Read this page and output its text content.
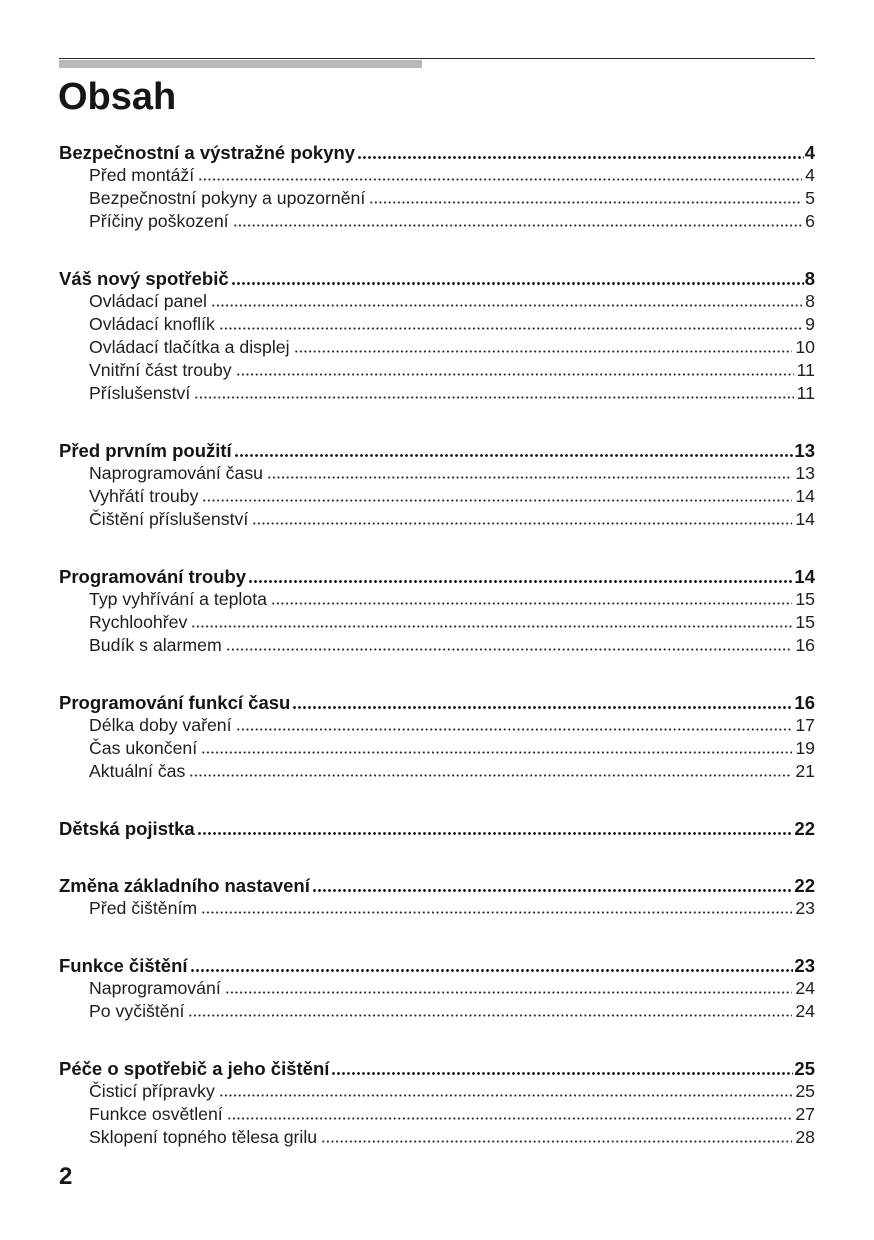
Obsah
Bezpečnostní a výstražné pokyny	4
Před montáží	4
Bezpečnostní pokyny a upozornění	5
Příčiny poškození	6
Váš nový spotřebič	8
Ovládací panel	8
Ovládací knoflík	9
Ovládací tlačítka a displej	10
Vnitřní část trouby	11
Příslušenství	11
Před prvním použití	13
Naprogramování času	13
Vyhřátí trouby	14
Čištění příslušenství	14
Programování trouby	14
Typ vyhřívání a teplota	15
Rychloohřev	15
Budík s alarmem	16
Programování funkcí času	16
Délka doby vaření	17
Čas ukončení	19
Aktuální čas	21
Dětská pojistka	22
Změna základního nastavení	22
Před čištěním	23
Funkce čištění	23
Naprogramování	24
Po vyčištění	24
Péče o spotřebič a jeho čištění	25
Čisticí přípravky	25
Funkce osvětlení	27
Sklopení topného tělesa grilu	28
2
